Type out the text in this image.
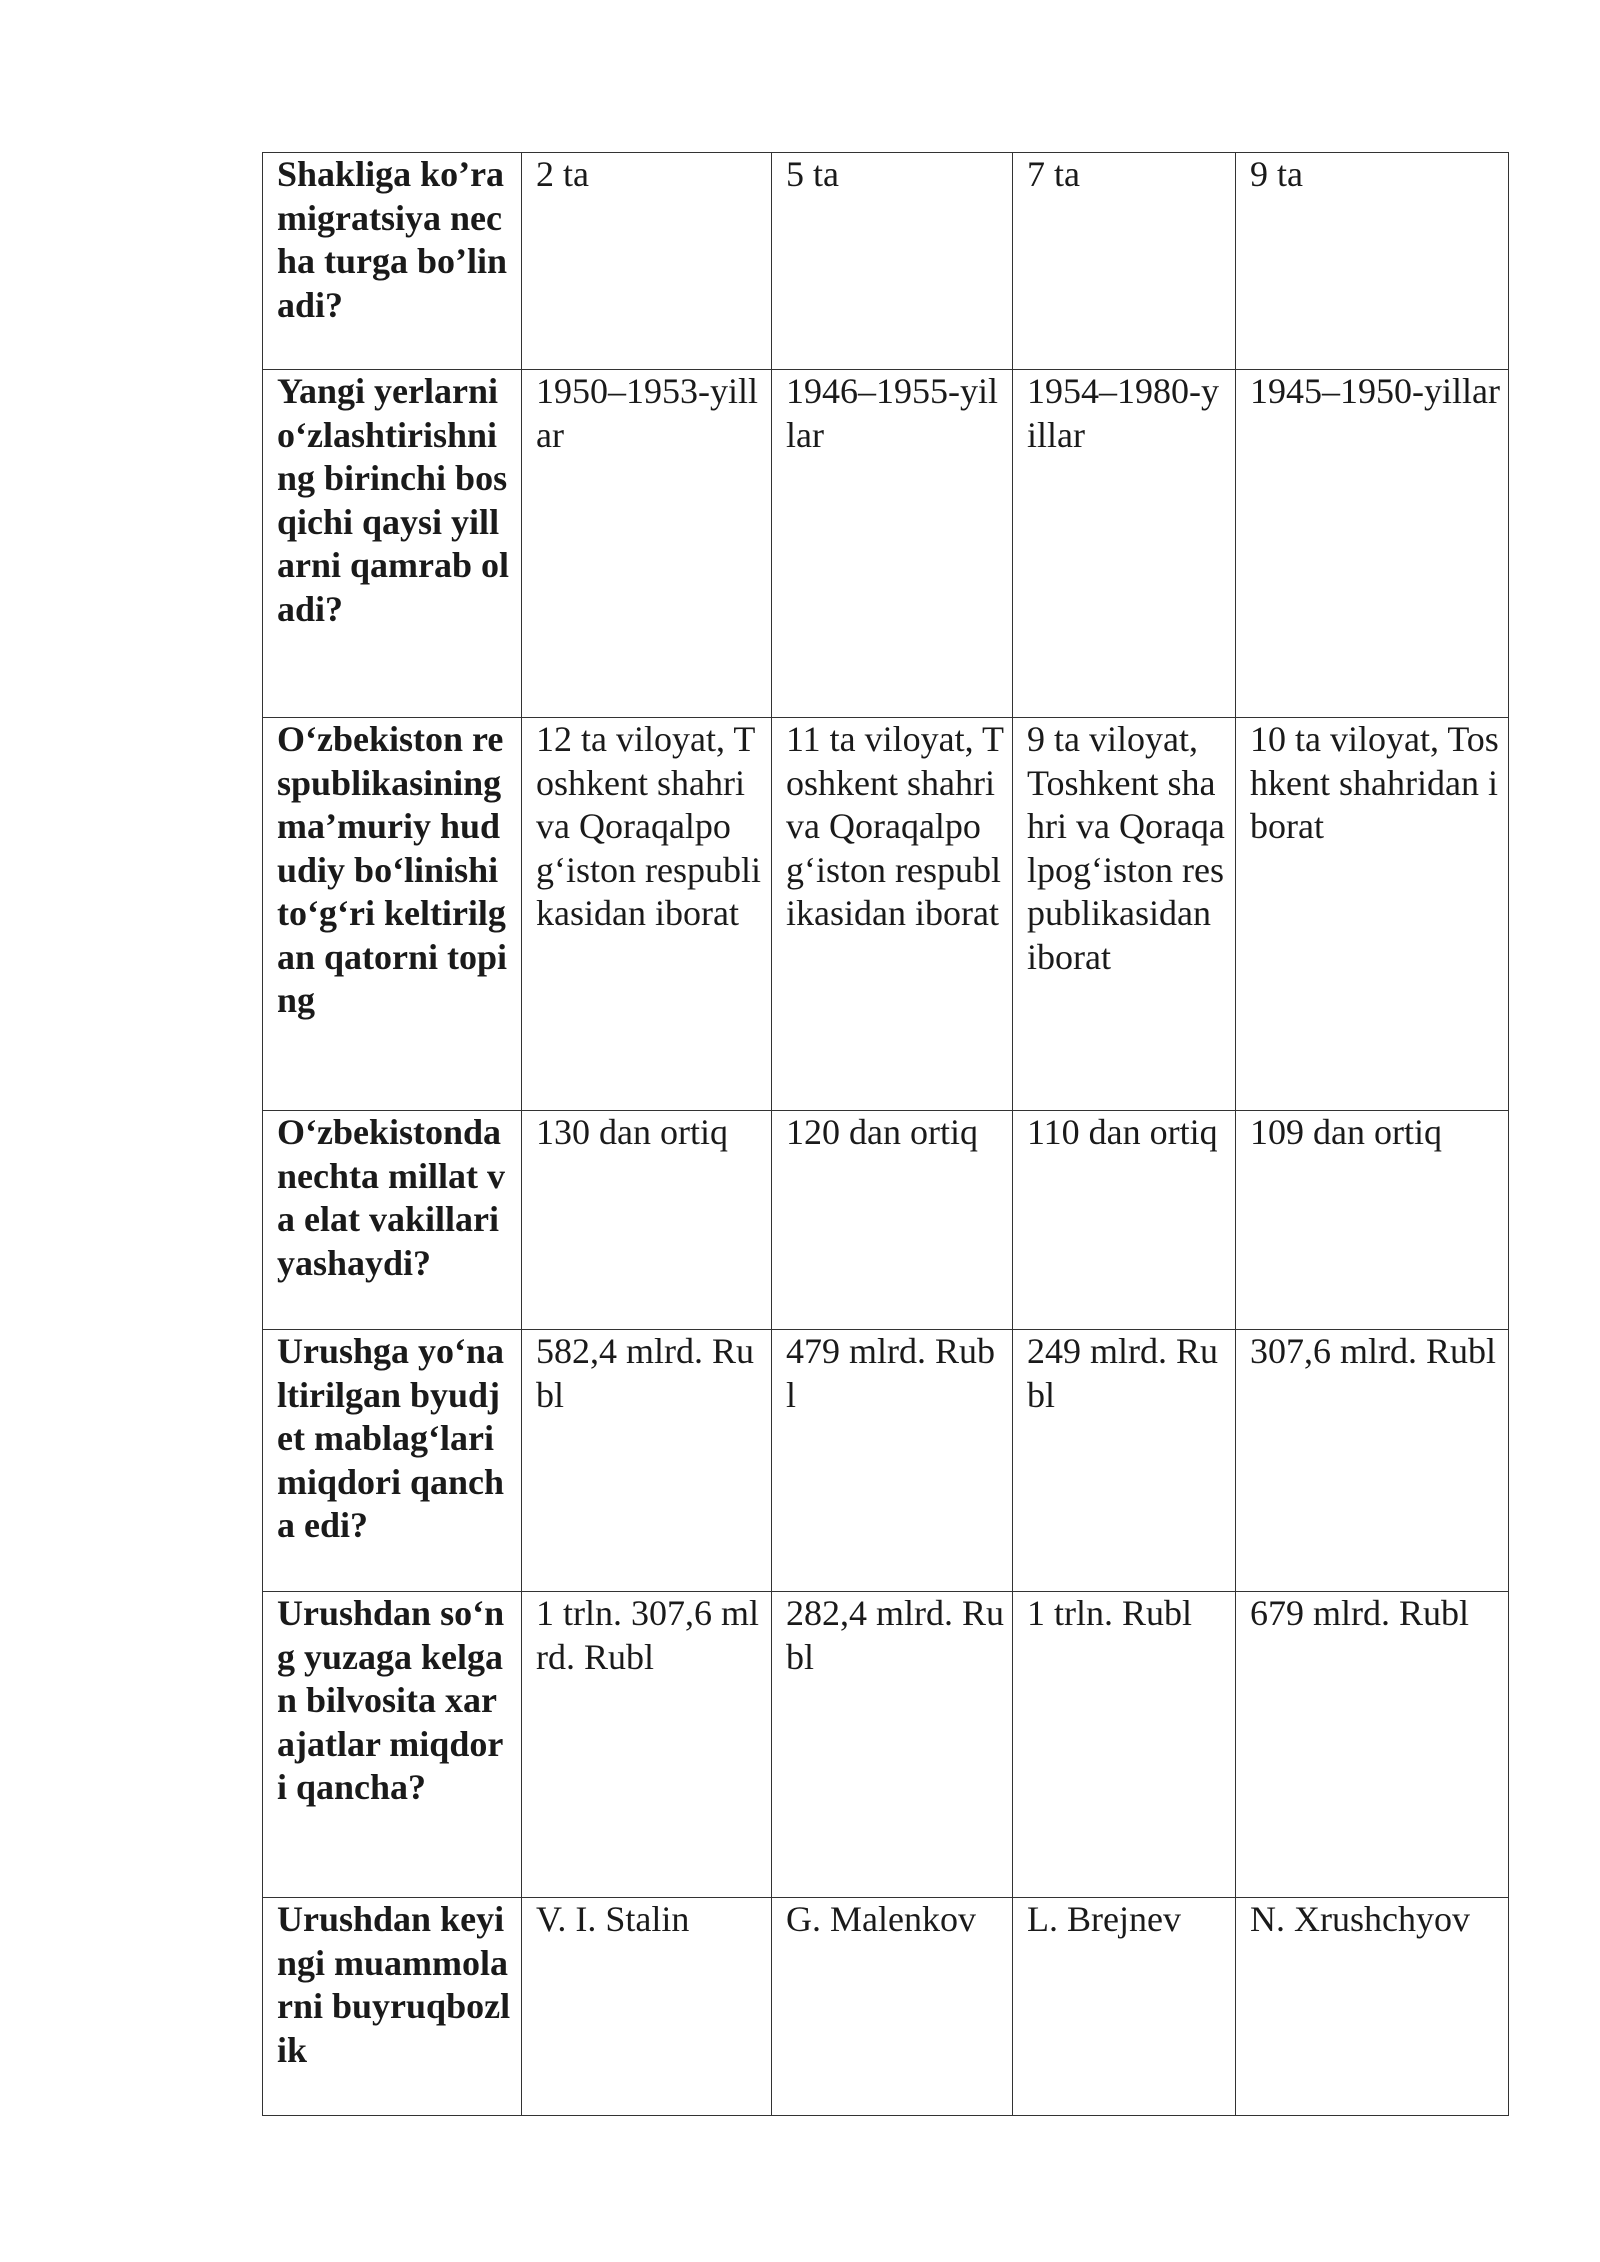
Shakliga ko’ra migratsiya necha turga bo’linadi?	2 ta	5 ta	7 ta	9 ta
Yangi yerlarni o‘zlashtirishning birinchi bosqichi qaysi yillarni qamrab oladi?	1950–1953-yillar	1946–1955-yillar	1954–1980-yillar	1945–1950-yillar
O‘zbekiston respublikasining ma’muriy hududiy bo‘linishi to‘g‘ri keltirilgan qatorni toping	12 ta viloyat, Toshkent shahri va Qoraqalpog‘iston respublikasidan iborat	11 ta viloyat, Toshkent shahri va Qoraqalpog‘iston respublikasidan iborat	9 ta viloyat, Toshkent shahri va Qoraqalpog‘iston respublikasidan iborat	10 ta viloyat, Toshkent shahridan iborat
O‘zbekistonda nechta millat va elat vakillari yashaydi?	130 dan ortiq	120 dan ortiq	110 dan ortiq	109 dan ortiq
Urushga yo‘naltirilgan byudjet mablag‘lari miqdori qancha edi?	582,4 mlrd. Rubl	479 mlrd. Rubl	249 mlrd. Rubl	307,6 mlrd. Rubl
Urushdan so‘ng yuzaga kelgan bilvosita xarajatlar miqdori qancha?	1 trln. 307,6 mlrd. Rubl	282,4 mlrd. Rubl	1 trln. Rubl	679 mlrd. Rubl
Urushdan keyingi muammolarni buyruqbozlik	V. I. Stalin	G. Malenkov	L. Brejnev	N. Xrushchyov
